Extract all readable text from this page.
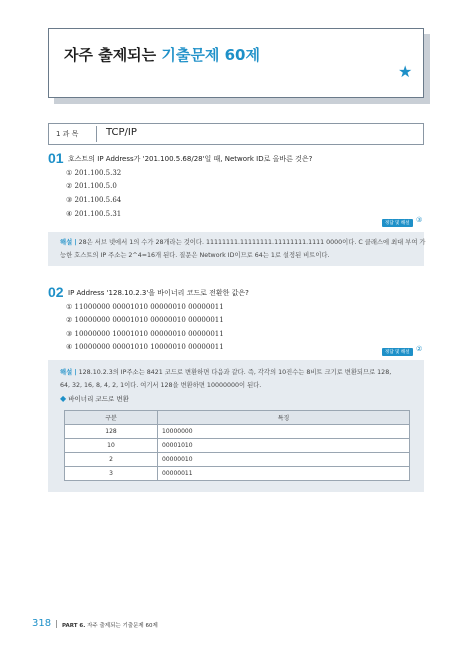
자주 출제되는 기출문제 60제
★
1 과 목	TCP/IP
01 호스트의 IP Address가 '201.100.5.68/28'일 때, Network ID로 올바른 것은?
① 201.100.5.32
② 201.100.5.0
③ 201.100.5.64
④ 201.100.5.31
정답 및 해설 ③
해설 | 28은 서브 넷에서 1의 수가 28개라는 것이다. 11111111.11111111.11111111.1111 0000이다. C 클래스에 최대 부여 가
능한 호스트의 IP 주소는 2^4=16개 된다. 질문은 Network ID이므로 64는 1로 설정된 비트이다.
02 IP Address '128.10.2.3'을 바이너리 코드로 전환한 값은?
① 11000000 00001010 00000010 00000011
② 10000000 00001010 00000010 00000011
③ 10000000 10001010 00000010 00000011
④ 10000000 00001010 10000010 00000011
정답 및 해설 ②
해설 | 128.10.2.3의 IP주소는 8421 코드로 변환하면 다음과 같다. 즉, 각각의 10진수는 8비트 크기로 변환되므로 128,
64, 32, 16, 8, 4, 2, 1이다. 여기서 128을 변환하면 10000000이 된다.
◆ 바이너리 코드로 변환
구분	특징
128	10000000
10	00001010
2	00000010
3	00000011
318 PART 6. 자주 출제되는 기출문제 60제
